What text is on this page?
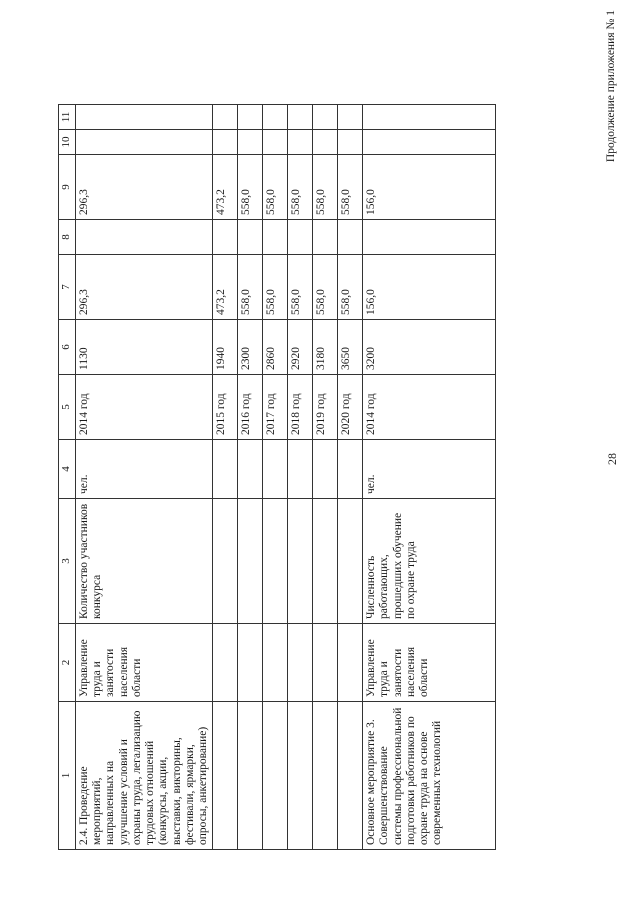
Продолжение приложения № 1
28
1	2	3	4	5	6	7	8	9	10	11
2.4. Проведение мероприятий, направленных на улучшение условий и охраны труда, легализацию трудовых отношений (конкурсы, акции, выставки, викторины, фестивали, ярмарки, опросы, анкетирование)	Управление труда и занятости населения области	Количество участников конкурса	чел.	2014 год	1130	296,3		296,3		
				2015 год	1940	473,2		473,2		
				2016 год	2300	558,0		558,0		
				2017 год	2860	558,0		558,0		
				2018 год	2920	558,0		558,0		
				2019 год	3180	558,0		558,0		
				2020 год	3650	558,0		558,0		
Основное мероприятие 3. Совершенствование системы профессиональной подготовки работников по охране труда на основе современных технологий	Управление труда и занятости населения области	Численность работающих, прошедших обучение по охране труда	чел.	2014 год	3200	156,0		156,0		
